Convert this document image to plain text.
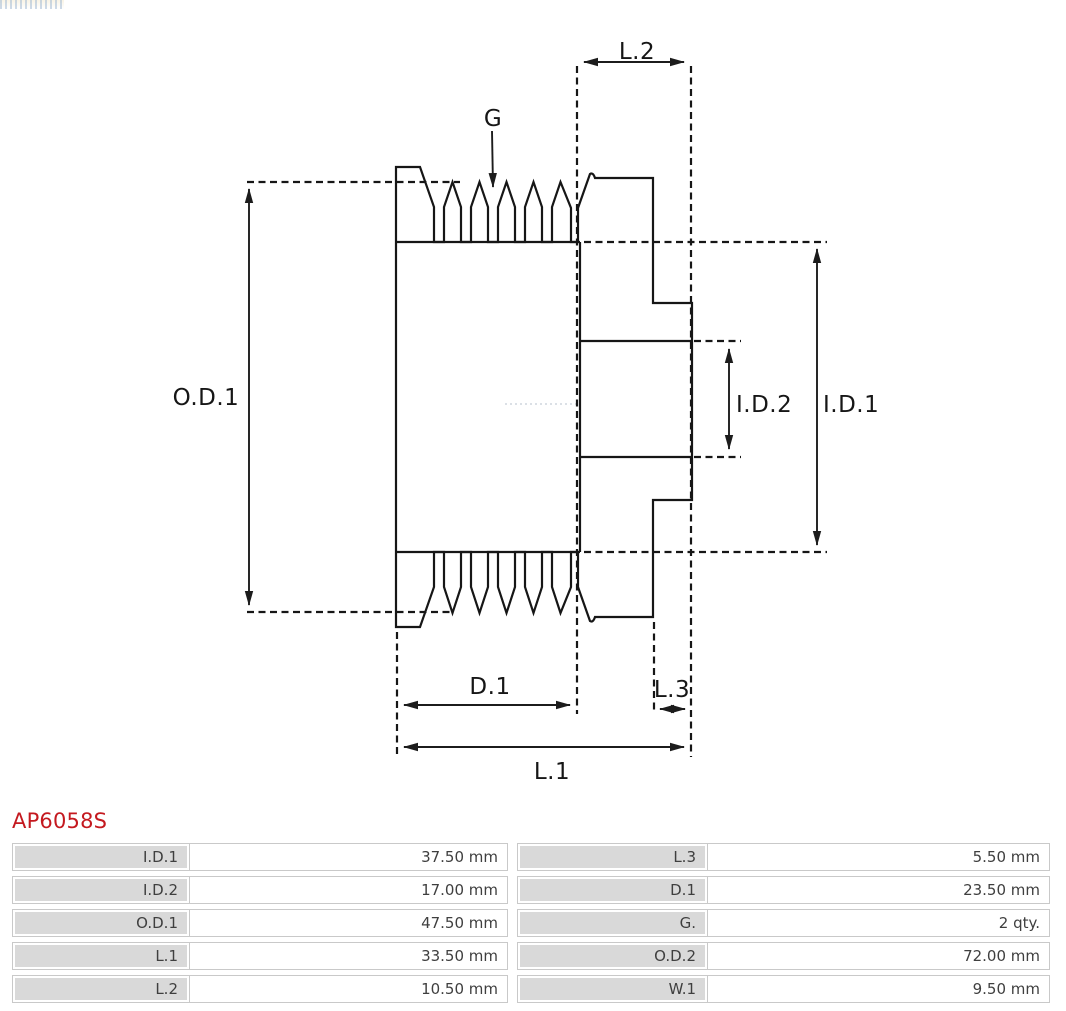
L.2
G
O.D.1	I.D.2 I.D.1
D.1	L.3
L.1
AP6058S
I.D.1	37.50 mm
I.D.2	17.00 mm
O.D.1	47.50 mm
L.1	33.50 mm
L.2	10.50 mm
L.3	5.50 mm
D.1	23.50 mm
G.	2 qty.
O.D.2	72.00 mm
W.1	9.50 mm
